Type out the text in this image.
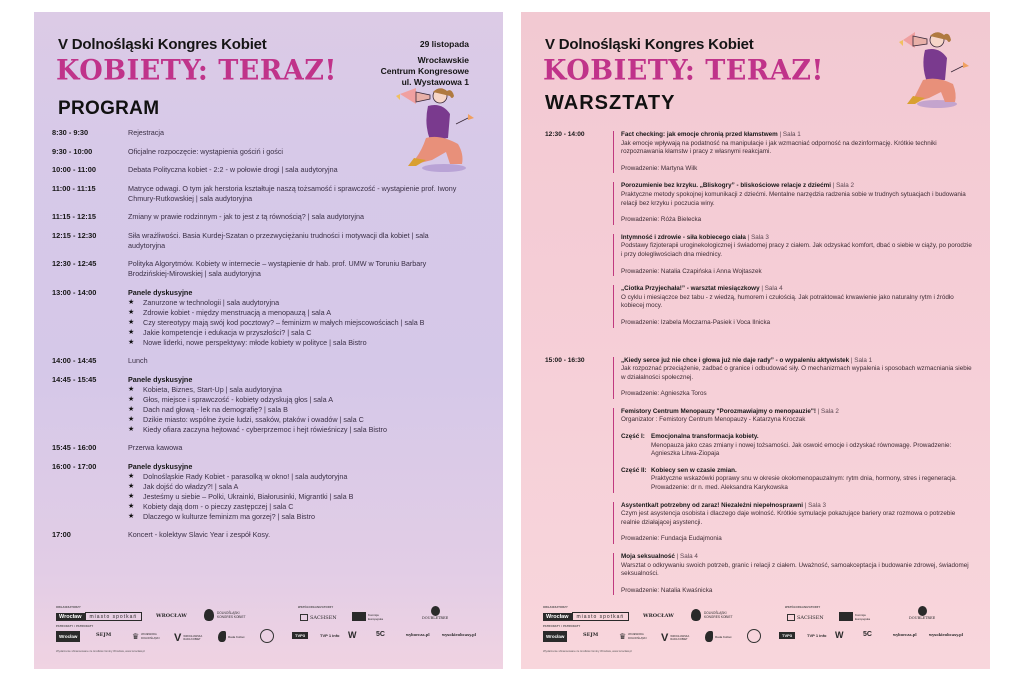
V Dolnośląski Kongres Kobiet
KOBIETY: TERAZ!
PROGRAM
29 listopada
Wrocławskie
Centrum Kongresowe
ul. Wystawowa 1
8:30 - 9:30	Rejestracja
9:30 - 10:00	Oficjalne rozpoczęcie: wystąpienia gościń i gości
10:00 - 11:00	Debata Polityczna kobiet - 2:2 - w połowie drogi | sala audytoryjna
11:00 - 11:15	Matryce odwagi. O tym jak herstoria kształtuje naszą tożsamość i sprawczość - wystąpienie prof. Iwony Chmury-Rutkowskiej | sala audytoryjna
11:15 - 12:15	Zmiany w prawie rodzinnym - jak to jest z tą równością? | sala audytoryjna
12:15 - 12:30	Siła wrażliwości. Basia Kurdej-Szatan o przezwyciężaniu trudności i motywacji dla kobiet | sala audytoryjna
12:30 - 12:45	Polityka Algorytmów. Kobiety w internecie – wystąpienie dr hab. prof. UMW w Toruniu Barbary Brodzińskiej-Mirowskiej | sala audytoryjna
13:00 - 14:00	Panele dyskusyjne
★ Zanurzone w technologii | sala audytoryjna
★ Zdrowie kobiet - między menstruacją a menopauzą | sala A
★ Czy stereotypy mają swój kod pocztowy? – feminizm w małych miejscowościach | sala B
★ Jakie kompetencje i edukacja w przyszłości? | sala C
★ Nowe liderki, nowe perspektywy: młode kobiety w polityce | sala Bistro
14:00 - 14:45	Lunch
14:45 - 15:45	Panele dyskusyjne
★ Kobieta, Biznes, Start-Up | sala audytoryjna
★ Głos, miejsce i sprawczość - kobiety odzyskują głos | sala A
★ Dach nad głową - lek na demografię? | sala B
★ Dzikie miasto: wspólne życie ludzi, ssaków, ptaków i owadów | sala C
★ Kiedy ofiara zaczyna hejtować - cyberprzemoc i hejt rówieśniczy | sala Bistro
15:45 - 16:00	Przerwa kawowa
16:00 - 17:00	Panele dyskusyjne
★ Dolnośląskie Rady Kobiet - parasolką w okno! | sala audytoryjna
★ Jak dojść do władzy?! | sala A
★ Jesteśmy u siebie – Polki, Ukrainki, Białorusinki, Migrantki | sala B
★ Kobiety dają dom - o pieczy zastępczej | sala C
★ Dlaczego w kulturze feminizm ma gorzej? | sala Bistro
17:00	Koncert - kolektyw Slavic Year i zespół Kosy.
ORGANIZATORZY
Wrocław	miasto spotkań	WROCŁAW	DOLNOŚLĄSKI KONGRES KOBIET
WSPÓŁORGANIZATORZY
SACHSEN	Komisja Europejska	DOUBLETREE
PATRONATY / PATRONATY
Wrocław	SEJM	♛ WOJEWODA DOLNOŚLĄSKI	V WROCŁAWSKA RADA KOBIET
Rada Kobiet	TVP3	TVP 1 info W	5C	wyborcza.pl	wysokieobcasy.pl
Wydarzenie sfinansowane ze środków Gminy Wrocław, www.wroclaw.pl
V Dolnośląski Kongres Kobiet
KOBIETY: TERAZ!
WARSZTATY
12:30 - 14:00	Fact checking: jak emocje chronią przed kłamstwem | Sala 1
Jak emocje wpływają na podatność na manipulacje i jak wzmacniać odporność na dezinformację. Krótkie techniki rozpoznawania kłamstw i pracy z własnymi reakcjami.
Prowadzenie: Martyna Wilk
Porozumienie bez krzyku. „Bliskogry” - bliskościowe relacje z dziećmi | Sala 2
Praktyczne metody spokojnej komunikacji z dziećmi. Mentalne narzędzia radzenia sobie w trudnych sytuacjach i budowania relacji bez krzyku i poczucia winy.
Prowadzenie: Róża Bielecka
Intymność i zdrowie - siła kobiecego ciała | Sala 3
Podstawy fizjoterapii uroginekologicznej i świadomej pracy z ciałem. Jak odzyskać komfort, dbać o siebie w ciąży, po porodzie i przy dolegliwościach dna miednicy.
Prowadzenie: Natalia Czapińska i Anna Wojtaszek
„Ciotka Przyjechała!” - warsztat miesiączkowy | Sala 4
O cyklu i miesiączce bez tabu - z wiedzą, humorem i czułością. Jak potraktować krwawienie jako naturalny rytm i źródło kobiecej mocy.
Prowadzenie: Izabela Moczarna-Pasiek i Voca Ilnicka
15:00 - 16:30	„Kiedy serce już nie chce i głowa już nie daje rady” - o wypaleniu aktywistek | Sala 1
Jak rozpoznać przeciążenie, zadbać o granice i odbudować siły. O mechanizmach wypalenia i sposobach wzmacniania siebie w działalności społecznej.
Prowadzenie: Agnieszka Toros
Femistory Centrum Menopauzy "Porozmawiajmy o menopauzie"! | Sala 2
Organizator : Femistory Centrum Menopauzy - Katarzyna Kroczak
Część I: Emocjonalna transformacja kobiety.
Menopauza jako czas zmiany i nowej tożsamości. Jak oswoić emocje i odzyskać równowagę. Prowadzenie: Agnieszka Litwa-Ziopaja
Część II: Kobiecy sen w czasie zmian.
Praktyczne wskazówki poprawy snu w okresie okołomenopauzalnym: rytm dnia, hormony, stres i regeneracja. Prowadzenie: dr n. med. Aleksandra Karykowska
Asystentka/t potrzebny od zaraz! Niezależni niepełnosprawni | Sala 3
Czym jest asystencja osobista i dlaczego daje wolność. Krótkie symulacje pokazujące bariery oraz rozmowa o potrzebie realnie działającej asystencji.
Prowadzenie: Fundacja Eudajmonia
Moja seksualność | Sala 4
Warsztat o odkrywaniu swoich potrzeb, granic i relacji z ciałem. Uważność, samoakceptacja i budowanie zdrowej, świadomej seksualności.
Prowadzenie: Natalia Kwaśnicka
ORGANIZATORZY
Wrocław	miasto spotkań	WROCŁAW	DOLNOŚLĄSKI KONGRES KOBIET
WSPÓŁORGANIZATORZY
SACHSEN	Komisja Europejska	DOUBLETREE
PATRONATY / PATRONATY
Wrocław	SEJM	♛ WOJEWODA DOLNOŚLĄSKI	V WROCŁAWSKA RADA KOBIET
Rada Kobiet	TVP3	TVP 1 info W	5C	wyborcza.pl	wysokieobcasy.pl
Wydarzenie sfinansowane ze środków Gminy Wrocław, www.wroclaw.pl
